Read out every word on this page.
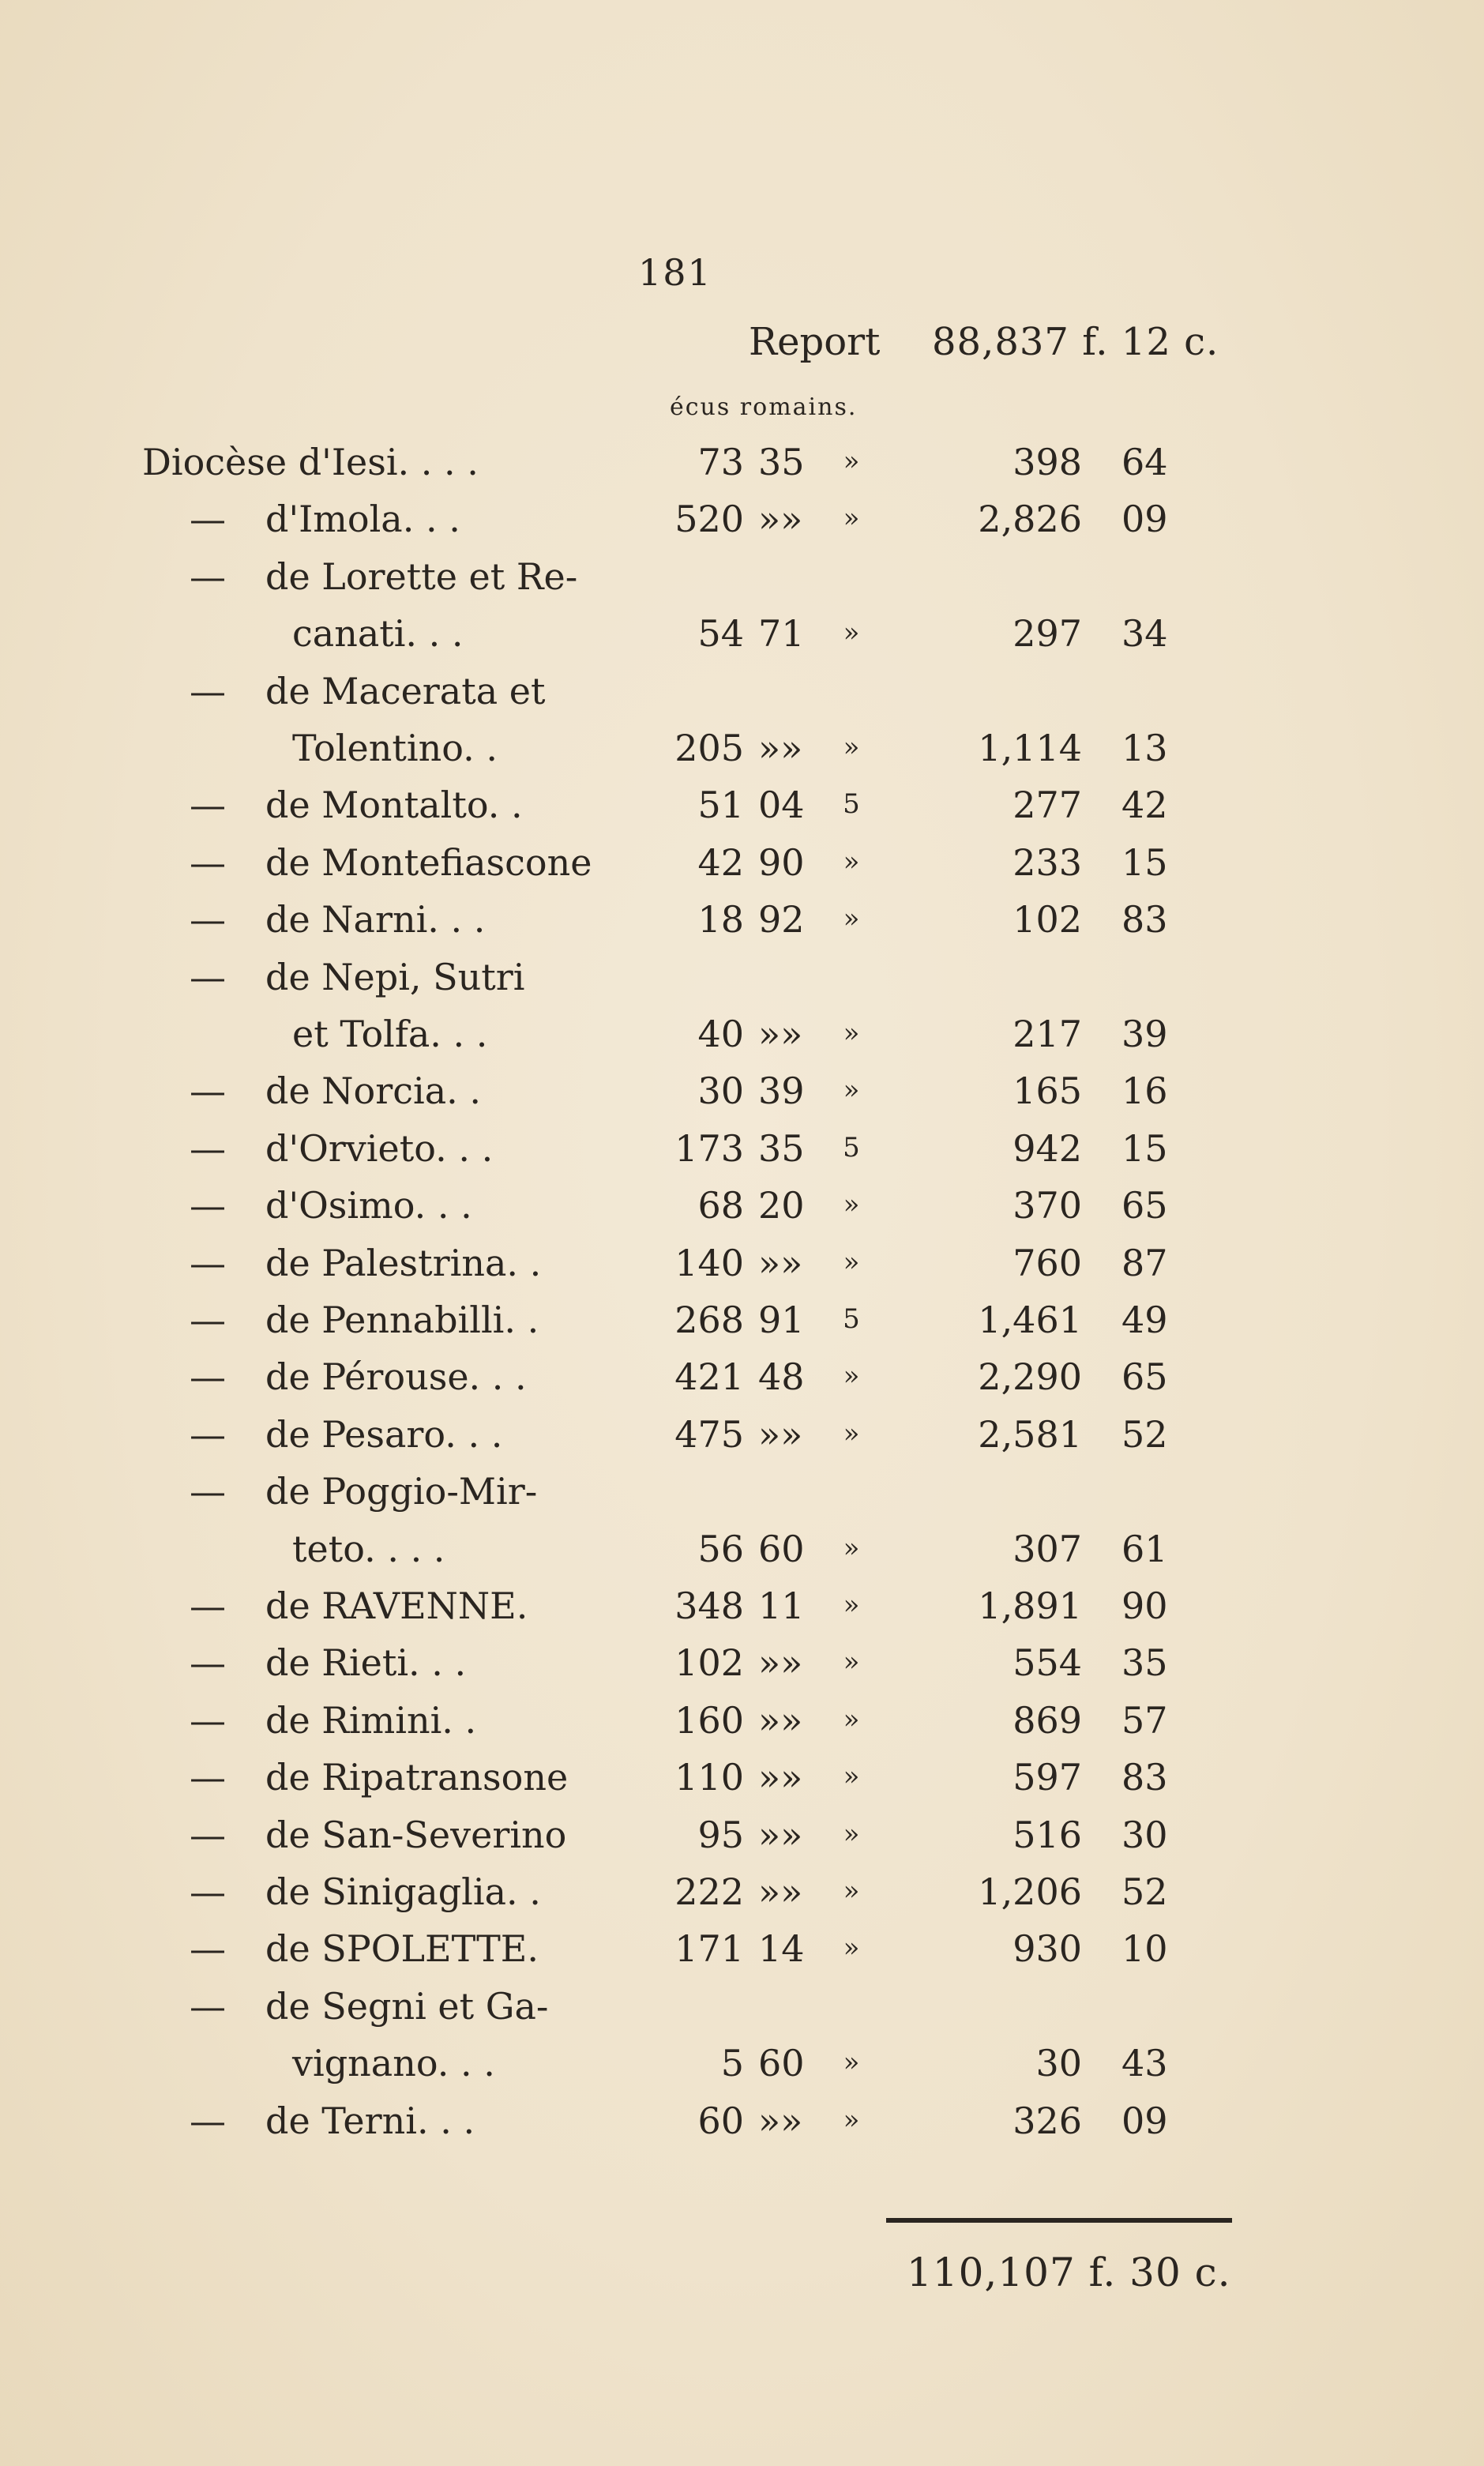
181
Report 88,837 f. 12 c.
écus romains.
Diocèse d'Iesi. . . .	73 35	»	398 64
— d'Imola. . .	520 »»	»	2,826 09
— de Lorette et Re-
canati. . .	54 71	»	297 34
— de Macerata et
Tolentino. .	205 »»	»	1,114 13
— de Montalto. .	51 04	5	277 42
— de Montefiascone	42 90	»	233 15
— de Narni. . .	18 92	»	102 83
— de Nepi, Sutri
et Tolfa. . .	40 »»	»	217 39
— de Norcia. .	30 39	»	165 16
— d'Orvieto. . .	173 35	5	942 15
— d'Osimo. . .	68 20	»	370 65
— de Palestrina. .	140 »»	»	760 87
— de Pennabilli. .	268 91	5	1,461 49
— de Pérouse. . .	421 48	»	2,290 65
— de Pesaro. . .	475 »»	»	2,581 52
— de Poggio-Mir-
teto. . . .	56 60	»	307 61
— de RAVENNE.	348 11	»	1,891 90
— de Rieti. . .	102 »»	»	554 35
— de Rimini. .	160 »»	»	869 57
— de Ripatransone	110 »»	»	597 83
— de San-Severino	95 »»	»	516 30
— de Sinigaglia. .	222 »»	»	1,206 52
— de SPOLETTE.	171 14	»	930 10
— de Segni et Ga-
vignano. . .	5 60	»	30 43
— de Terni. . .	60 »»	»	326 09
110,107 f. 30 c.
